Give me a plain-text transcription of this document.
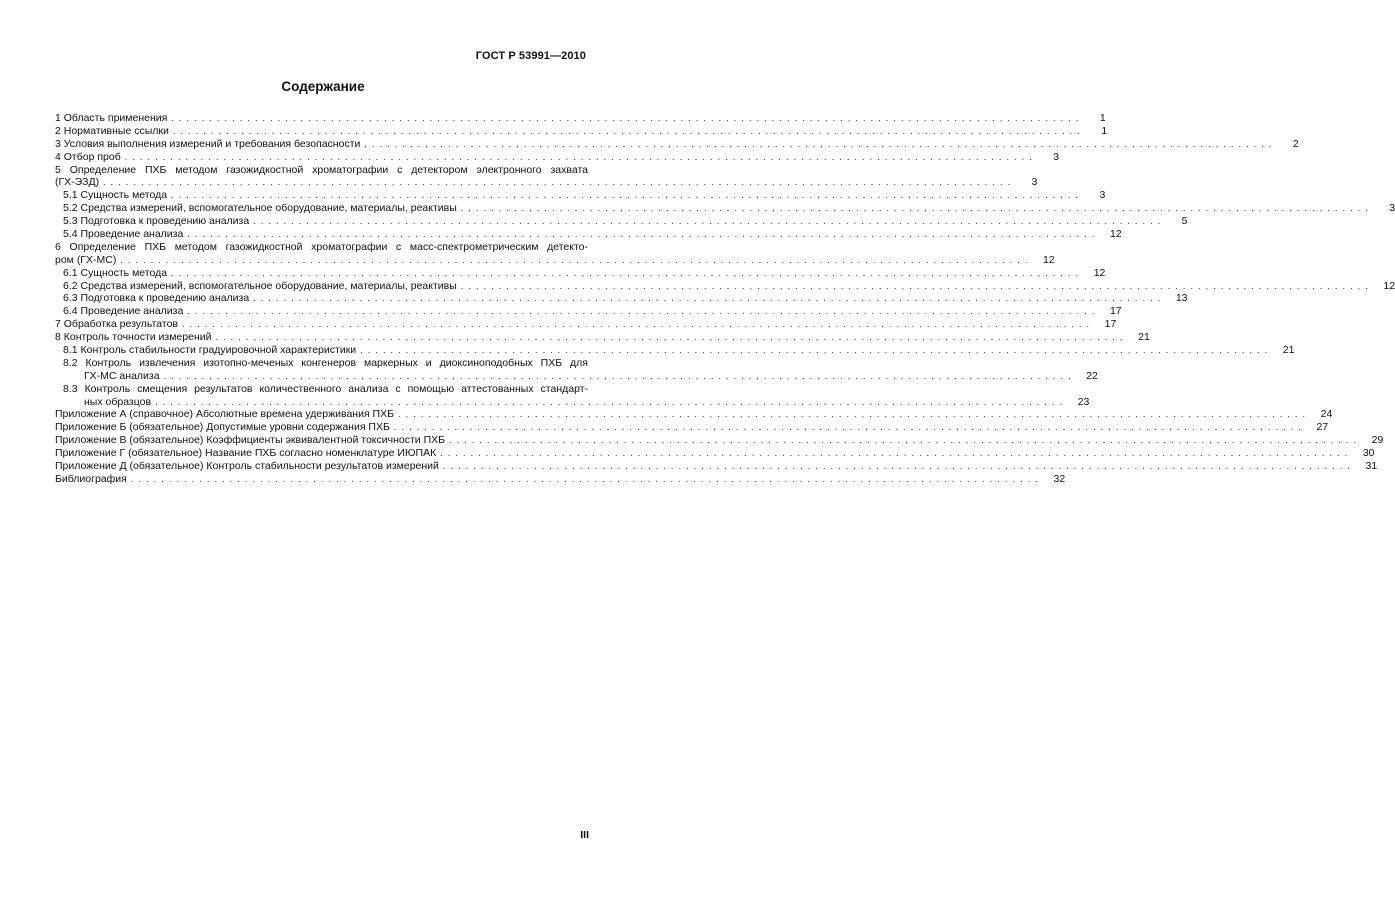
ГОСТ Р 53991—2010
Содержание
1 Область применения . . . . . . . . . . . . . . . . . . . . . . . . . . . . . . . . . . . . . . . . . . . . . . . . . . . . . . . . . . . . . . . . . . . . . . . . . . . . . . . . . . . . . . . . . . . . . . . . . . . . . . . . . . . . . . . . . . . . . . . .	1
2 Нормативные ссылки . . . . . . . . . . . . . . . . . . . . . . . . . . . . . . . . . . . . . . . . . . . . . . . . . . . . . . . . . . . . . . . . . . . . . . . . . . . . . . . . . . . . . . . . . . . . . . . . . . . . . . . . . . . . . . . . . . . . . . . .	1
3 Условия выполнения измерений и требования безопасности . . . . . . . . . . . . . . . . . . . . . . . . . . . . . . . . . . . . . . . . . . . . . . . . . . . . . . . . . . . . . . . . . . . . . . . . . . . . . . . . . . . . . . . . . . . . . . . . . . . . . . . . . . . . . . . . . . . . . . . .	2
4 Отбор проб . . . . . . . . . . . . . . . . . . . . . . . . . . . . . . . . . . . . . . . . . . . . . . . . . . . . . . . . . . . . . . . . . . . . . . . . . . . . . . . . . . . . . . . . . . . . . . . . . . . . . . . . . . . . . . . . . . . . . . . .	3
5 Определение ПХБ методом газожидкостной хроматографии с детектором электронного захвата
(ГХ-ЭЗД) . . . . . . . . . . . . . . . . . . . . . . . . . . . . . . . . . . . . . . . . . . . . . . . . . . . . . . . . . . . . . . . . . . . . . . . . . . . . . . . . . . . . . . . . . . . . . . . . . . . . . . . . . . . . . . . . . . . . . . . .	3
5.1 Сущность метода . . . . . . . . . . . . . . . . . . . . . . . . . . . . . . . . . . . . . . . . . . . . . . . . . . . . . . . . . . . . . . . . . . . . . . . . . . . . . . . . . . . . . . . . . . . . . . . . . . . . . . . . . . . . . . . . . . . . . . . .	3
5.2 Средства измерений, вспомогательное оборудование, материалы, реактивы . . . . . . . . . . . . . . . . . . . . . . . . . . . . . . . . . . . . . . . . . . . . . . . . . . . . . . . . . . . . . . . . . . . . . . . . . . . . . . . . . . . . . . . . . . . . . . . . . . . . . . . . . . . . . . . . . . . . . . . .	3
5.3 Подготовка к проведению анализа . . . . . . . . . . . . . . . . . . . . . . . . . . . . . . . . . . . . . . . . . . . . . . . . . . . . . . . . . . . . . . . . . . . . . . . . . . . . . . . . . . . . . . . . . . . . . . . . . . . . . . . . . . . . . . . . . . . . . . . .	5
5.4 Проведение анализа . . . . . . . . . . . . . . . . . . . . . . . . . . . . . . . . . . . . . . . . . . . . . . . . . . . . . . . . . . . . . . . . . . . . . . . . . . . . . . . . . . . . . . . . . . . . . . . . . . . . . . . . . . . . . . . . . . . . . . . .	12
6 Определение ПХБ методом газожидкостной хроматографии с масс-спектрометрическим детекто-
ром (ГХ-МС) . . . . . . . . . . . . . . . . . . . . . . . . . . . . . . . . . . . . . . . . . . . . . . . . . . . . . . . . . . . . . . . . . . . . . . . . . . . . . . . . . . . . . . . . . . . . . . . . . . . . . . . . . . . . . . . . . . . . . . . .	12
6.1 Сущность метода . . . . . . . . . . . . . . . . . . . . . . . . . . . . . . . . . . . . . . . . . . . . . . . . . . . . . . . . . . . . . . . . . . . . . . . . . . . . . . . . . . . . . . . . . . . . . . . . . . . . . . . . . . . . . . . . . . . . . . . .	12
6.2 Средства измерений, вспомогательное оборудование, материалы, реактивы . . . . . . . . . . . . . . . . . . . . . . . . . . . . . . . . . . . . . . . . . . . . . . . . . . . . . . . . . . . . . . . . . . . . . . . . . . . . . . . . . . . . . . . . . . . . . . . . . . . . . . . . . . . . . . . . . . . . . . . .	12
6.3 Подготовка к проведению анализа . . . . . . . . . . . . . . . . . . . . . . . . . . . . . . . . . . . . . . . . . . . . . . . . . . . . . . . . . . . . . . . . . . . . . . . . . . . . . . . . . . . . . . . . . . . . . . . . . . . . . . . . . . . . . . . . . . . . . . . .	13
6.4 Проведение анализа . . . . . . . . . . . . . . . . . . . . . . . . . . . . . . . . . . . . . . . . . . . . . . . . . . . . . . . . . . . . . . . . . . . . . . . . . . . . . . . . . . . . . . . . . . . . . . . . . . . . . . . . . . . . . . . . . . . . . . . .	17
7 Обработка результатов . . . . . . . . . . . . . . . . . . . . . . . . . . . . . . . . . . . . . . . . . . . . . . . . . . . . . . . . . . . . . . . . . . . . . . . . . . . . . . . . . . . . . . . . . . . . . . . . . . . . . . . . . . . . . . . . . . . . . . . .	17
8 Контроль точности измерений . . . . . . . . . . . . . . . . . . . . . . . . . . . . . . . . . . . . . . . . . . . . . . . . . . . . . . . . . . . . . . . . . . . . . . . . . . . . . . . . . . . . . . . . . . . . . . . . . . . . . . . . . . . . . . . . . . . . . . . .	21
8.1 Контроль стабильности градуировочной характеристики . . . . . . . . . . . . . . . . . . . . . . . . . . . . . . . . . . . . . . . . . . . . . . . . . . . . . . . . . . . . . . . . . . . . . . . . . . . . . . . . . . . . . . . . . . . . . . . . . . . . . . . . . . . . . . . . . . . . . . . .	21
8.2 Контроль извлечения изотопно-меченых конгенеров маркерных и диоксиноподобных ПХБ для
ГХ-МС анализа . . . . . . . . . . . . . . . . . . . . . . . . . . . . . . . . . . . . . . . . . . . . . . . . . . . . . . . . . . . . . . . . . . . . . . . . . . . . . . . . . . . . . . . . . . . . . . . . . . . . . . . . . . . . . . . . . . . . . . . .	22
8.3 Контроль смещения результатов количественного анализа с помощью аттестованных стандарт-
ных образцов . . . . . . . . . . . . . . . . . . . . . . . . . . . . . . . . . . . . . . . . . . . . . . . . . . . . . . . . . . . . . . . . . . . . . . . . . . . . . . . . . . . . . . . . . . . . . . . . . . . . . . . . . . . . . . . . . . . . . . . .	23
Приложение А (справочное) Абсолютные времена удерживания ПХБ . . . . . . . . . . . . . . . . . . . . . . . . . . . . . . . . . . . . . . . . . . . . . . . . . . . . . . . . . . . . . . . . . . . . . . . . . . . . . . . . . . . . . . . . . . . . . . . . . . . . . . . . . . . . . . . . . . . . . . . .	24
Приложение Б (обязательное) Допустимые уровни содержания ПХБ . . . . . . . . . . . . . . . . . . . . . . . . . . . . . . . . . . . . . . . . . . . . . . . . . . . . . . . . . . . . . . . . . . . . . . . . . . . . . . . . . . . . . . . . . . . . . . . . . . . . . . . . . . . . . . . . . . . . . . . .	27
Приложение В (обязательное) Коэффициенты эквивалентной токсичности ПХБ . . . . . . . . . . . . . . . . . . . . . . . . . . . . . . . . . . . . . . . . . . . . . . . . . . . . . . . . . . . . . . . . . . . . . . . . . . . . . . . . . . . . . . . . . . . . . . . . . . . . . . . . . . . . . . . . . . . . . . . .	29
Приложение Г (обязательное) Название ПХБ согласно номенклатуре ИЮПАК . . . . . . . . . . . . . . . . . . . . . . . . . . . . . . . . . . . . . . . . . . . . . . . . . . . . . . . . . . . . . . . . . . . . . . . . . . . . . . . . . . . . . . . . . . . . . . . . . . . . . . . . . . . . . . . . . . . . . . . .	30
Приложение Д (обязательное) Контроль стабильности результатов измерений . . . . . . . . . . . . . . . . . . . . . . . . . . . . . . . . . . . . . . . . . . . . . . . . . . . . . . . . . . . . . . . . . . . . . . . . . . . . . . . . . . . . . . . . . . . . . . . . . . . . . . . . . . . . . . . . . . . . . . . .	31
Библиография . . . . . . . . . . . . . . . . . . . . . . . . . . . . . . . . . . . . . . . . . . . . . . . . . . . . . . . . . . . . . . . . . . . . . . . . . . . . . . . . . . . . . . . . . . . . . . . . . . . . . . . . . . . . . . . . . . . . . . . .	32
III
